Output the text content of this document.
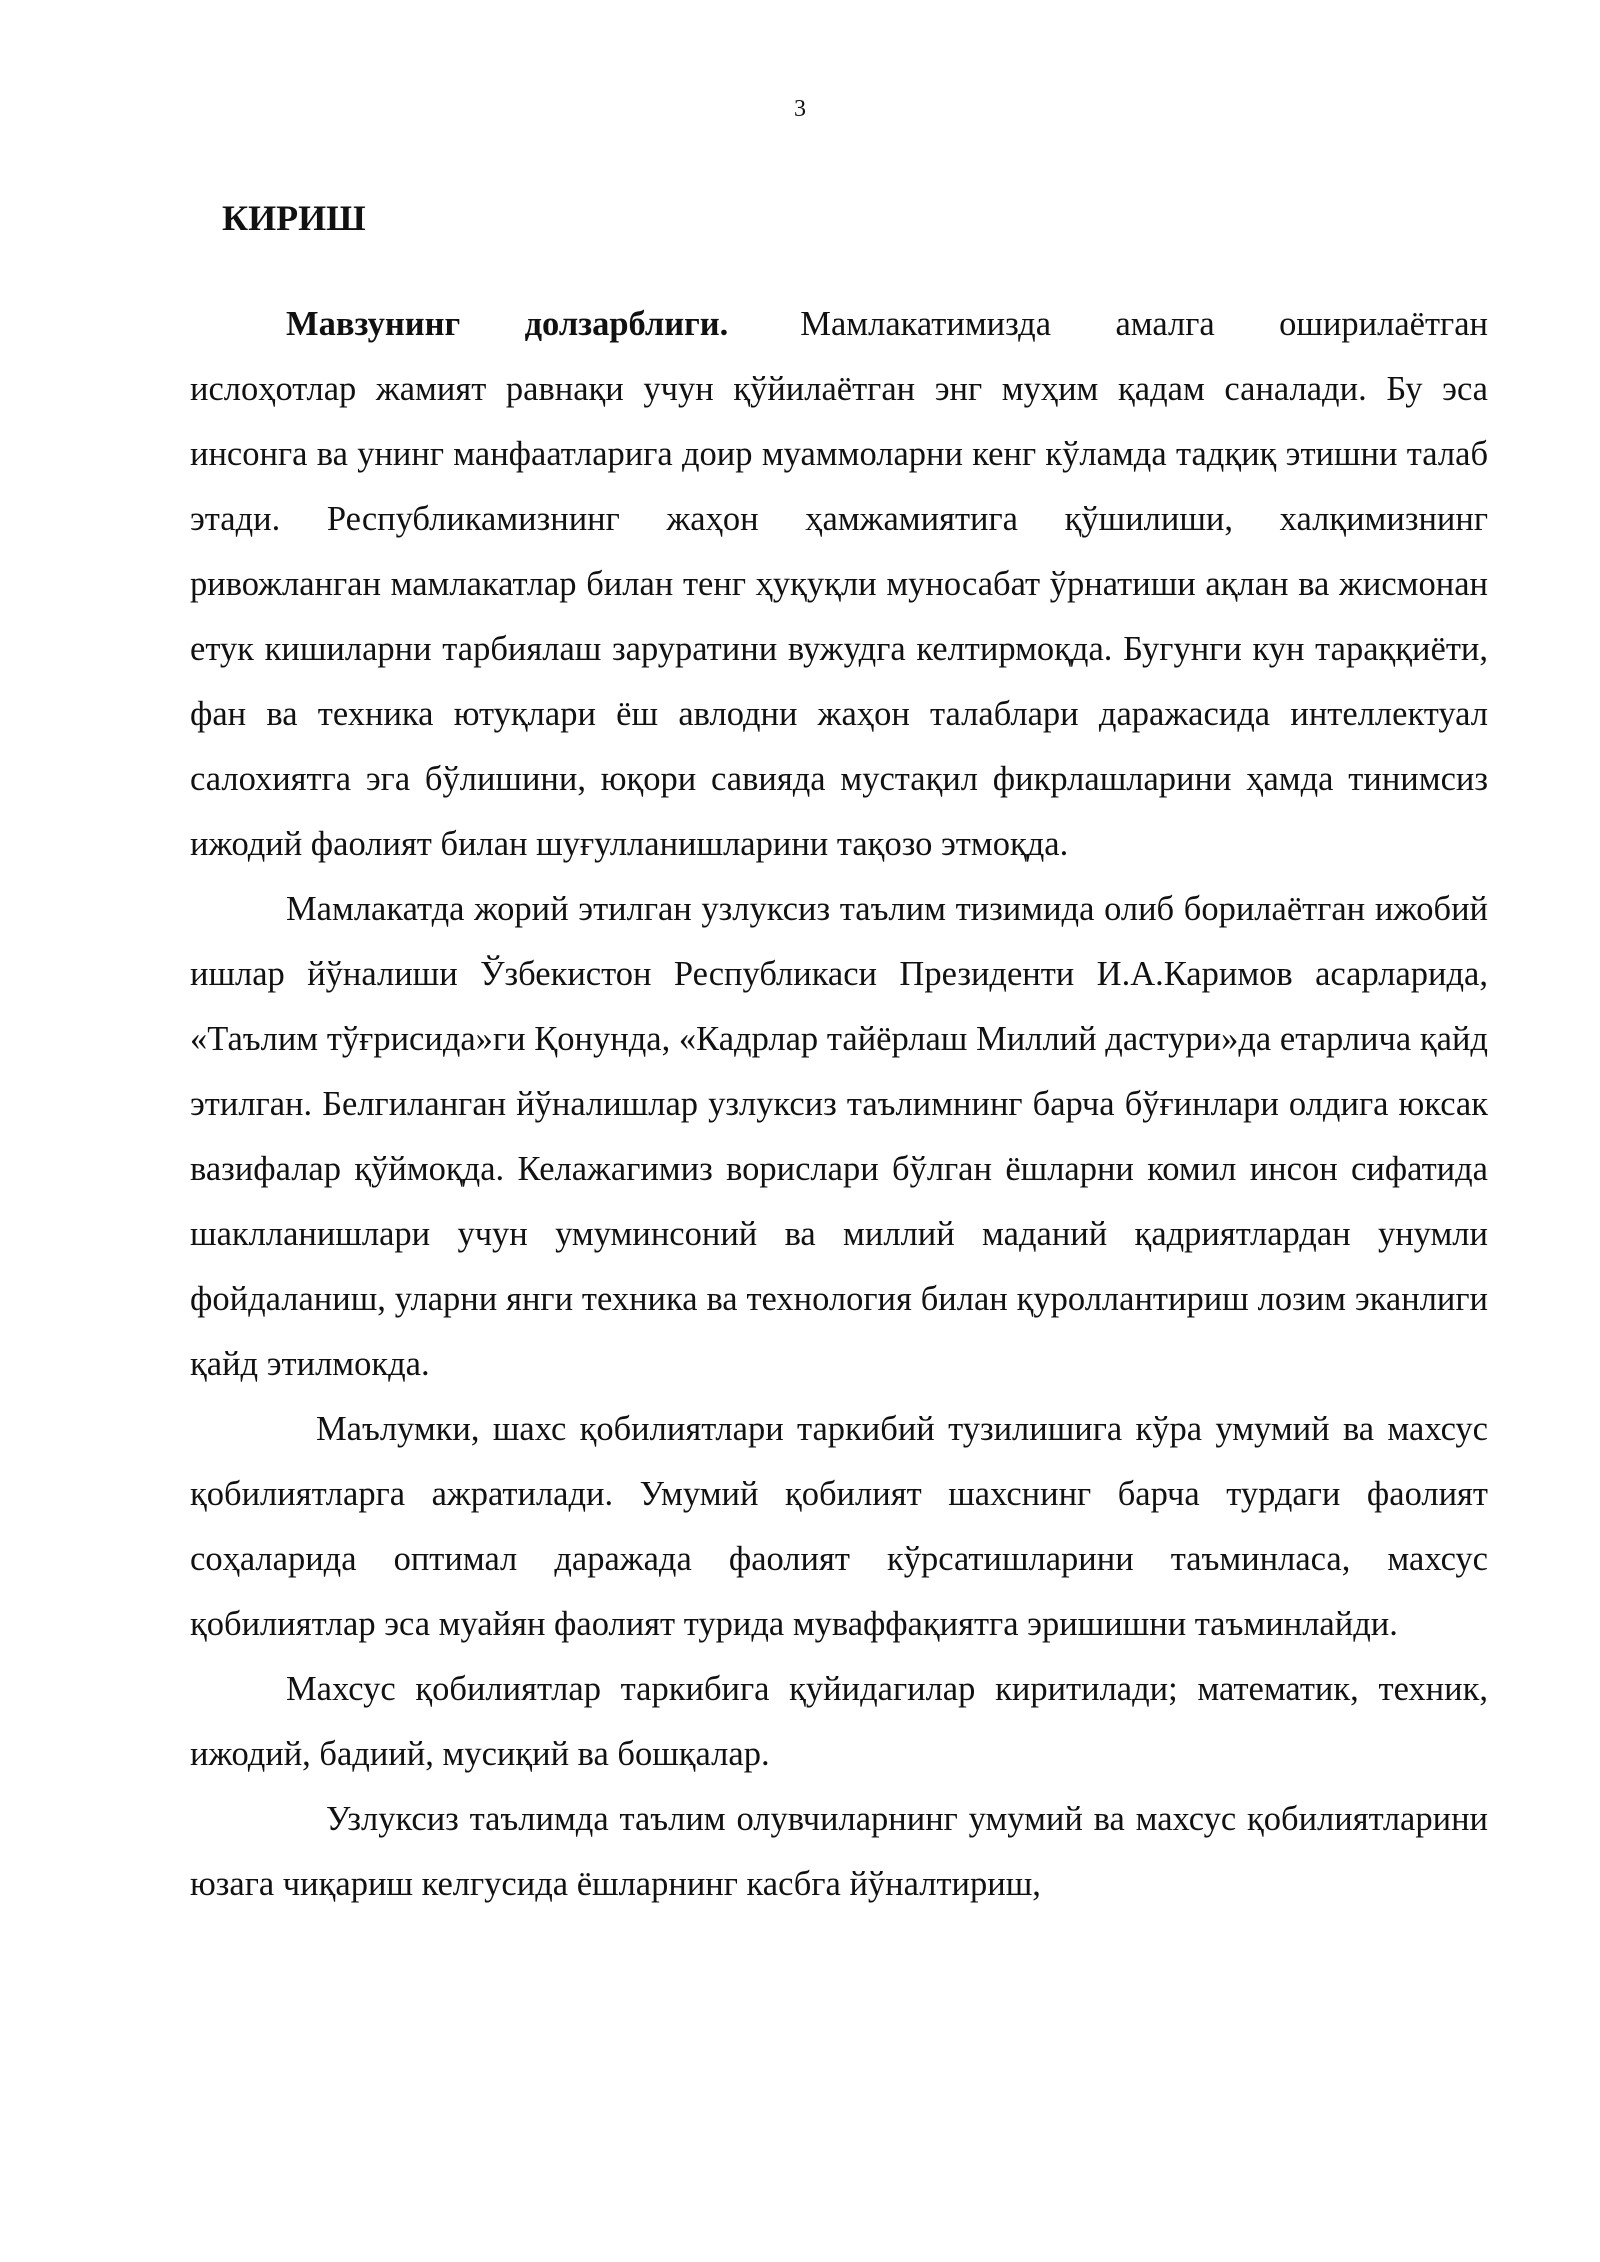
3
КИРИШ

Мавзунинг долзарблиги. Мамлакатимизда амалга оширилаётган ислоҳотлар жамият равнақи учун қўйилаётган энг муҳим қадам саналади. Бу эса инсонга ва унинг манфаатларига доир муаммоларни кенг кўламда тадқиқ этишни талаб этади. Республикамизнинг жаҳон ҳамжамиятига қўшилиши, халқимизнинг ривожланган мамлакатлар билан тенг ҳуқуқли муносабат ўрнатиши ақлан ва жисмонан етук кишиларни тарбиялаш заруратини вужудга келтирмоқда. Бугунги кун тараққиёти, фан ва техника ютуқлари ёш авлодни жаҳон талаблари даражасида интеллектуал салохиятга эга бўлишини, юқори савияда мустақил фикрлашларини ҳамда тинимсиз ижодий фаолият билан шуғулланишларини тақозо этмоқда.

Мамлакатда жорий этилган узлуксиз таълим тизимида олиб борилаётган ижобий ишлар йўналиши Ўзбекистон Республикаси Президенти И.А.Каримов асарларида, «Таълим тўғрисида»ги Қонунда, «Кадрлар тайёрлаш Миллий дастури»да етарлича қайд этилган. Белгиланган йўналишлар узлуксиз таълимнинг барча бўғинлари олдига юксак вазифалар қўймоқда. Келажагимиз ворислари бўлган ёшларни комил инсон сифатида шаклланишлари учун умуминсоний ва миллий маданий қадриятлардан унумли фойдаланиш, уларни янги техника ва технология билан қуроллантириш лозим эканлиги қайд этилмокда.

Маълумки, шахс қобилиятлари таркибий тузилишига кўра умумий ва махсус қобилиятларга ажратилади. Умумий қобилият шахснинг барча турдаги фаолият соҳаларида оптимал даражада фаолият кўрсатишларини таъминласа, махсус қобилиятлар эса муайян фаолият турида муваффақиятга эришишни таъминлайди.

Махсус қобилиятлар таркибига қуйидагилар киритилади; математик, техник, ижодий, бадиий, мусиқий ва бошқалар.

Узлуксиз таълимда таълим олувчиларнинг умумий ва махсус қобилиятларини юзага чиқариш келгусида ёшларнинг касбга йўналтириш,
